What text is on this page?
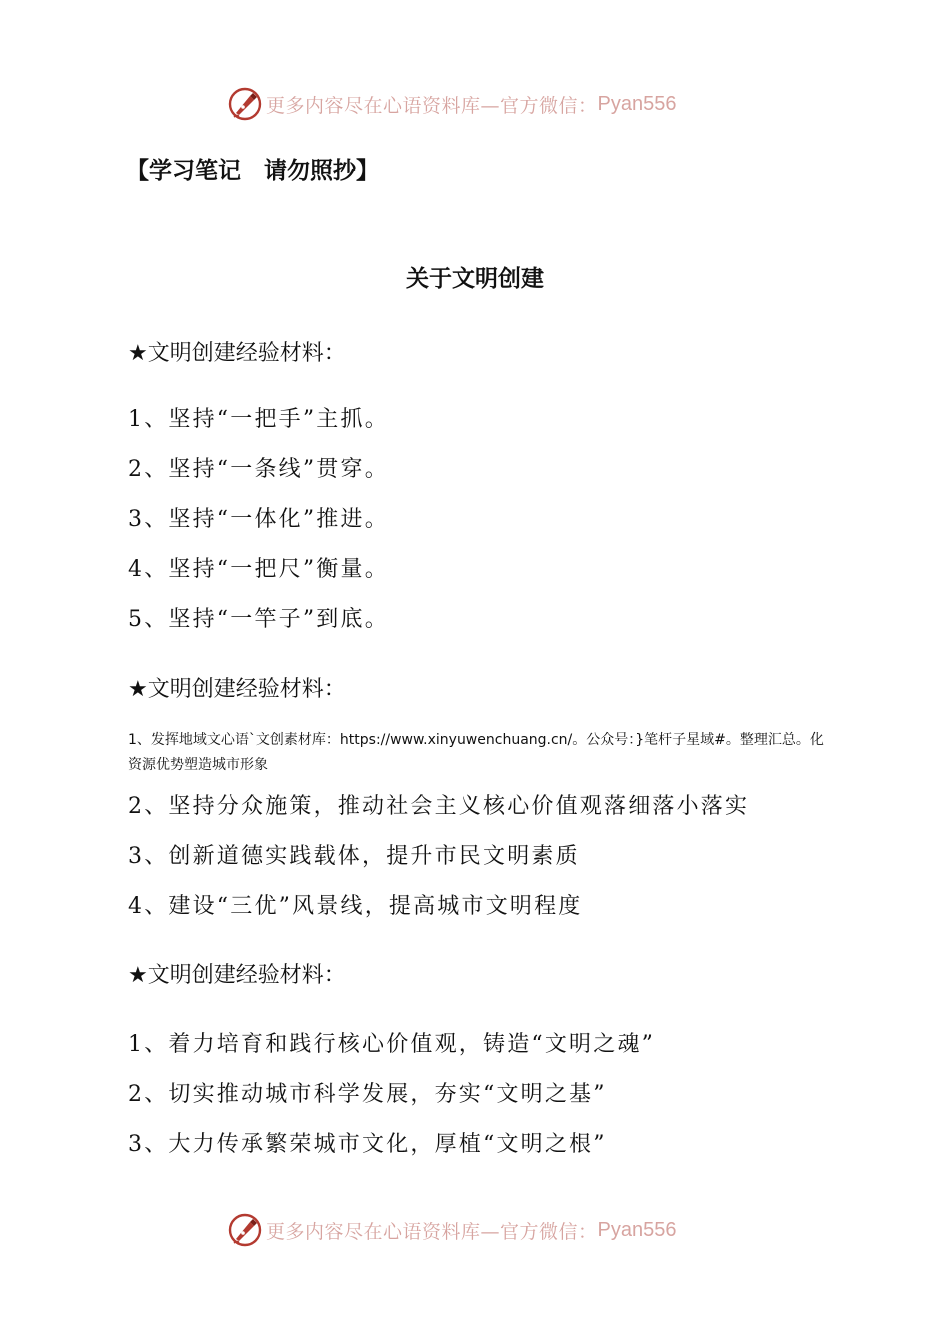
更多内容尽在心语资料库—官方微信： Pyan556
【学习笔记　请勿照抄】
关于文明创建
★文明创建经验材料：
1、坚持“一把手”主抓。
2、坚持“一条线”贯穿。
3、坚持“一体化”推进。
4、坚持“一把尺”衡量。
5、坚持“一竿子”到底。
★文明创建经验材料：
1、发挥地域文心语`文创素材库：https://www.xinyuwenchuang.cn/。公众号：}笔杆子星域#。整理汇总。化资源优势塑造城市形象
2、坚持分众施策，推动社会主义核心价值观落细落小落实
3、创新道德实践载体，提升市民文明素质
4、建设“三优”风景线，提高城市文明程度
★文明创建经验材料：
1、着力培育和践行核心价值观，铸造“文明之魂”
2、切实推动城市科学发展，夯实“文明之基”
3、大力传承繁荣城市文化，厚植“文明之根”
更多内容尽在心语资料库—官方微信： Pyan556
